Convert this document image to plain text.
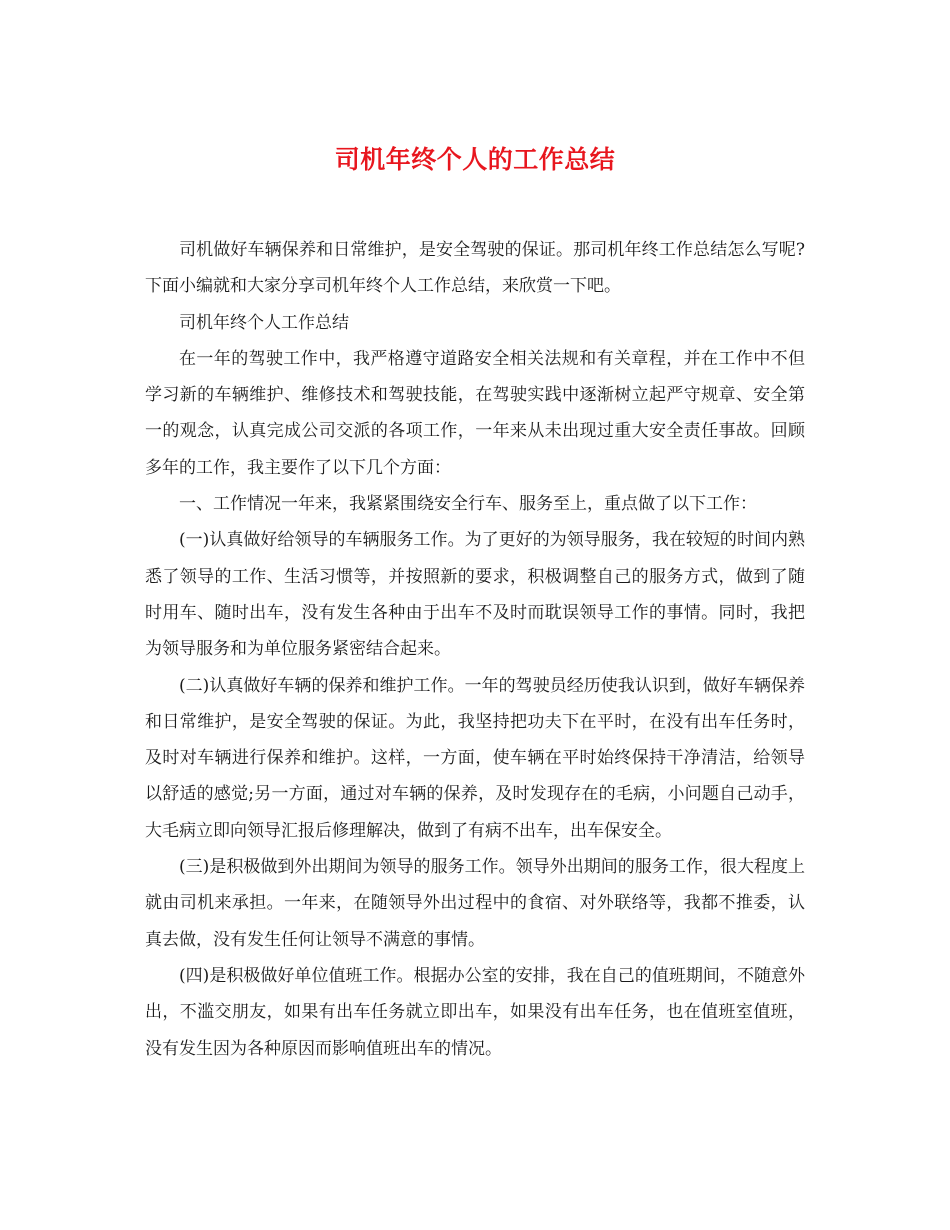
司机年终个人的工作总结

司机做好车辆保养和日常维护，是安全驾驶的保证。那司机年终工作总结怎么写呢?下面小编就和大家分享司机年终个人工作总结，来欣赏一下吧。

司机年终个人工作总结

在一年的驾驶工作中，我严格遵守道路安全相关法规和有关章程，并在工作中不但学习新的车辆维护、维修技术和驾驶技能，在驾驶实践中逐渐树立起严守规章、安全第一的观念，认真完成公司交派的各项工作，一年来从未出现过重大安全责任事故。回顾多年的工作，我主要作了以下几个方面：

一、工作情况一年来，我紧紧围绕安全行车、服务至上，重点做了以下工作：

(一)认真做好给领导的车辆服务工作。为了更好的为领导服务，我在较短的时间内熟悉了领导的工作、生活习惯等，并按照新的要求，积极调整自己的服务方式，做到了随时用车、随时出车，没有发生各种由于出车不及时而耽误领导工作的事情。同时，我把为领导服务和为单位服务紧密结合起来。

(二)认真做好车辆的保养和维护工作。一年的驾驶员经历使我认识到，做好车辆保养和日常维护，是安全驾驶的保证。为此，我坚持把功夫下在平时，在没有出车任务时，及时对车辆进行保养和维护。这样，一方面，使车辆在平时始终保持干净清洁，给领导以舒适的感觉;另一方面，通过对车辆的保养，及时发现存在的毛病，小问题自己动手，大毛病立即向领导汇报后修理解决，做到了有病不出车，出车保安全。

(三)是积极做到外出期间为领导的服务工作。领导外出期间的服务工作，很大程度上就由司机来承担。一年来，在随领导外出过程中的食宿、对外联络等，我都不推委，认真去做，没有发生任何让领导不满意的事情。

(四)是积极做好单位值班工作。根据办公室的安排，我在自己的值班期间，不随意外出，不滥交朋友，如果有出车任务就立即出车，如果没有出车任务，也在值班室值班，没有发生因为各种原因而影响值班出车的情况。
